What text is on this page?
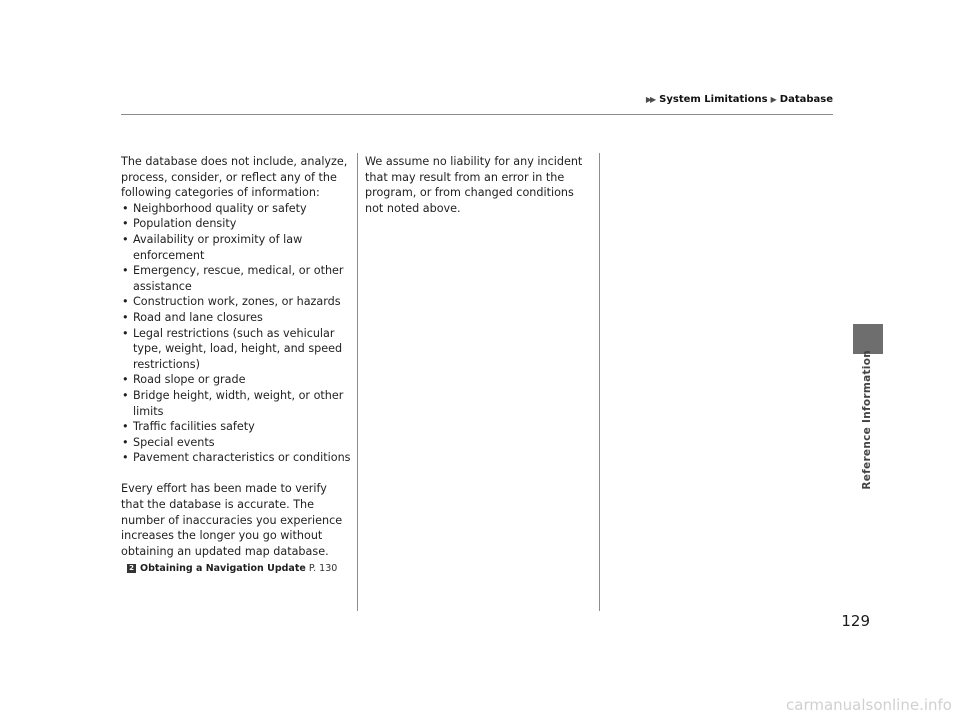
▶▶ System Limitations ▶ Database

The database does not include, analyze, process, consider, or reflect any of the following categories of information:

• Neighborhood quality or safety
• Population density
• Availability or proximity of law enforcement
• Emergency, rescue, medical, or other assistance
• Construction work, zones, or hazards
• Road and lane closures
• Legal restrictions (such as vehicular type, weight, load, height, and speed restrictions)
• Road slope or grade
• Bridge height, width, weight, or other limits
• Traffic facilities safety
• Special events
• Pavement characteristics or conditions

Every effort has been made to verify that the database is accurate. The number of inaccuracies you experience increases the longer you go without obtaining an updated map database.

2 Obtaining a Navigation Update P. 130

We assume no liability for any incident that may result from an error in the program, or from changed conditions not noted above.

Reference Information
129
carmanualsonline.info
